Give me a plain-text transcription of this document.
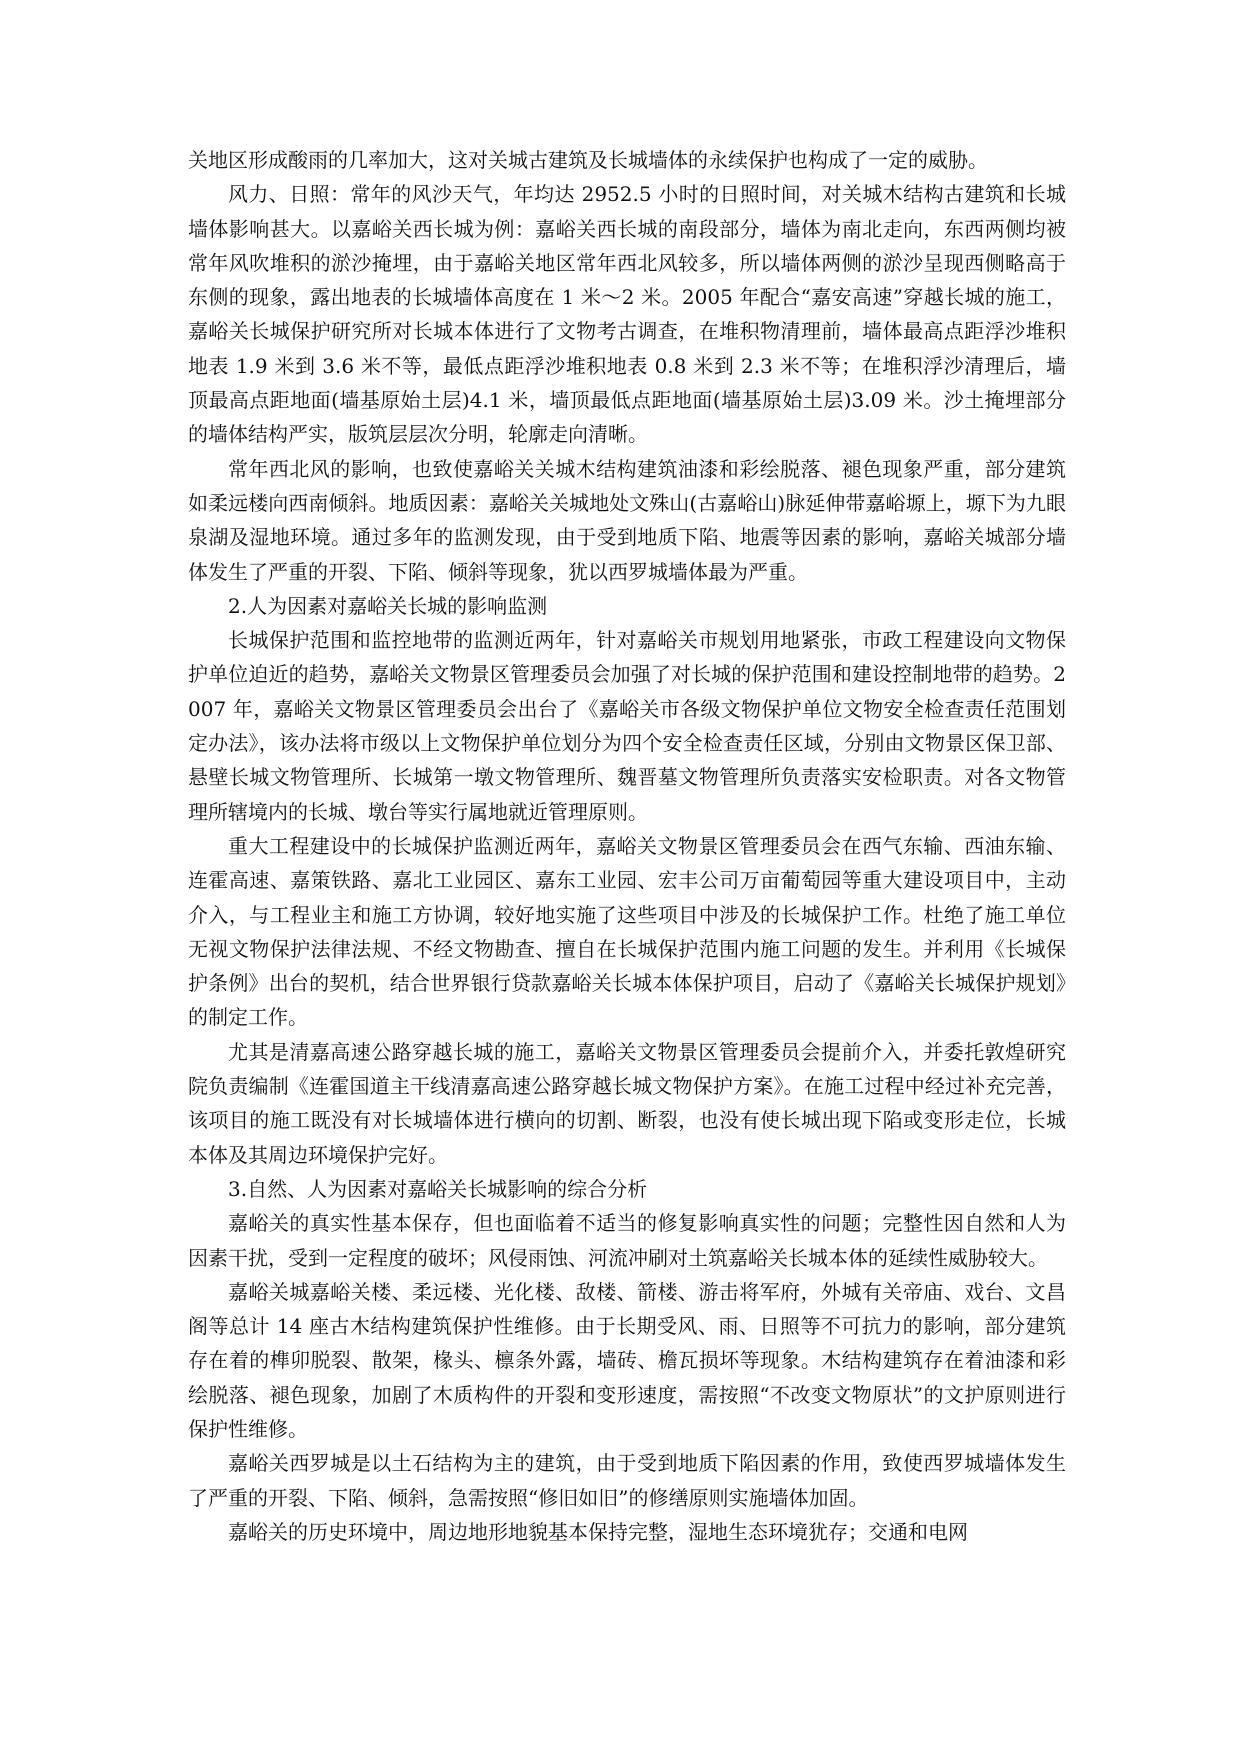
关地区形成酸雨的几率加大，这对关城古建筑及长城墙体的永续保护也构成了一定的威胁。

风力、日照：常年的风沙天气，年均达 2952.5 小时的日照时间，对关城木结构古建筑和长城墙体影响甚大。以嘉峪关西长城为例：嘉峪关西长城的南段部分，墙体为南北走向，东西两侧均被常年风吹堆积的淤沙掩埋，由于嘉峪关地区常年西北风较多，所以墙体两侧的淤沙呈现西侧略高于东侧的现象，露出地表的长城墙体高度在 1 米～2 米。2005 年配合“嘉安高速”穿越长城的施工，嘉峪关长城保护研究所对长城本体进行了文物考古调查，在堆积物清理前，墙体最高点距浮沙堆积地表 1.9 米到 3.6 米不等，最低点距浮沙堆积地表 0.8 米到 2.3 米不等；在堆积浮沙清理后，墙顶最高点距地面(墙基原始土层)4.1 米，墙顶最低点距地面(墙基原始土层)3.09 米。沙土掩埋部分的墙体结构严实，版筑层层次分明，轮廓走向清晰。

常年西北风的影响，也致使嘉峪关关城木结构建筑油漆和彩绘脱落、褪色现象严重，部分建筑如柔远楼向西南倾斜。地质因素：嘉峪关关城地处文殊山(古嘉峪山)脉延伸带嘉峪塬上，塬下为九眼泉湖及湿地环境。通过多年的监测发现，由于受到地质下陷、地震等因素的影响，嘉峪关城部分墙体发生了严重的开裂、下陷、倾斜等现象，犹以西罗城墙体最为严重。

2.人为因素对嘉峪关长城的影响监测

长城保护范围和监控地带的监测近两年，针对嘉峪关市规划用地紧张，市政工程建设向文物保护单位迫近的趋势，嘉峪关文物景区管理委员会加强了对长城的保护范围和建设控制地带的趋势。2007 年，嘉峪关文物景区管理委员会出台了《嘉峪关市各级文物保护单位文物安全检查责任范围划定办法》，该办法将市级以上文物保护单位划分为四个安全检查责任区域，分别由文物景区保卫部、悬壁长城文物管理所、长城第一墩文物管理所、魏晋墓文物管理所负责落实安检职责。对各文物管理所辖境内的长城、墩台等实行属地就近管理原则。

重大工程建设中的长城保护监测近两年，嘉峪关文物景区管理委员会在西气东输、西油东输、连霍高速、嘉策铁路、嘉北工业园区、嘉东工业园、宏丰公司万亩葡萄园等重大建设项目中，主动介入，与工程业主和施工方协调，较好地实施了这些项目中涉及的长城保护工作。杜绝了施工单位无视文物保护法律法规、不经文物勘查、擅自在长城保护范围内施工问题的发生。并利用《长城保护条例》出台的契机，结合世界银行贷款嘉峪关长城本体保护项目，启动了《嘉峪关长城保护规划》的制定工作。

尤其是清嘉高速公路穿越长城的施工，嘉峪关文物景区管理委员会提前介入，并委托敦煌研究院负责编制《连霍国道主干线清嘉高速公路穿越长城文物保护方案》。在施工过程中经过补充完善，该项目的施工既没有对长城墙体进行横向的切割、断裂，也没有使长城出现下陷或变形走位，长城本体及其周边环境保护完好。

3.自然、人为因素对嘉峪关长城影响的综合分析

嘉峪关的真实性基本保存，但也面临着不适当的修复影响真实性的问题；完整性因自然和人为因素干扰，受到一定程度的破坏；风侵雨蚀、河流冲刷对土筑嘉峪关长城本体的延续性威胁较大。

嘉峪关城嘉峪关楼、柔远楼、光化楼、敌楼、箭楼、游击将军府，外城有关帝庙、戏台、文昌阁等总计 14 座古木结构建筑保护性维修。由于长期受风、雨、日照等不可抗力的影响，部分建筑存在着的榫卯脱裂、散架，椽头、檩条外露，墙砖、檐瓦损坏等现象。木结构建筑存在着油漆和彩绘脱落、褪色现象，加剧了木质构件的开裂和变形速度，需按照“不改变文物原状”的文护原则进行保护性维修。

嘉峪关西罗城是以土石结构为主的建筑，由于受到地质下陷因素的作用，致使西罗城墙体发生了严重的开裂、下陷、倾斜，急需按照“修旧如旧”的修缮原则实施墙体加固。

嘉峪关的历史环境中，周边地形地貌基本保持完整，湿地生态环境犹存；交通和电网
